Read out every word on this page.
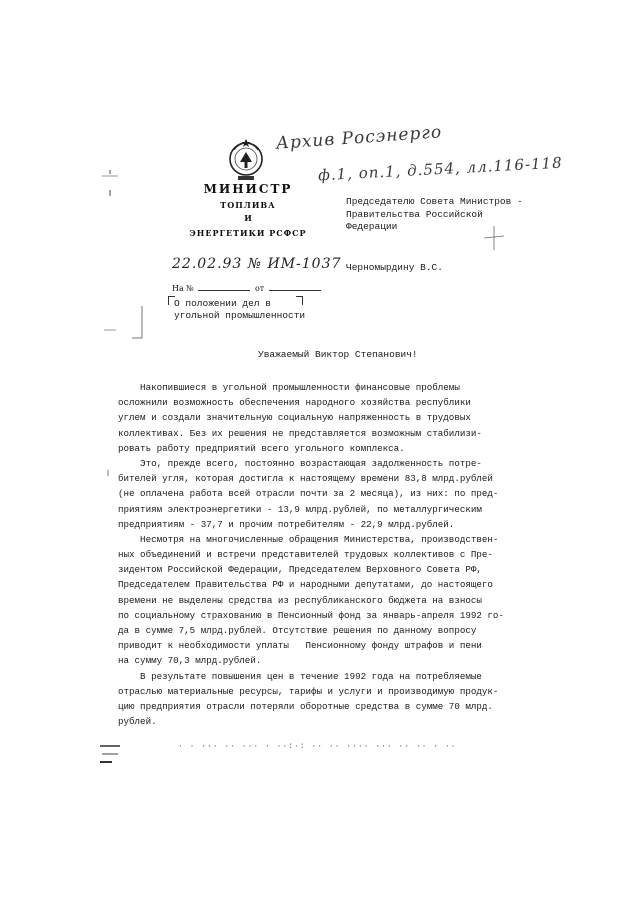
Архив Росэнерго
ф.1, оп.1, д.554, лл.116-118
МИНИСТР
ТОПЛИВА
И
ЭНЕРГЕТИКИ РСФСР
22.02.93 № ИМ-1037
На №	от
О положении дел в
угольной промышленности
Председателю Совета Министров -
Правительства Российской
Федерации
Черномырдину В.С.
Уважаемый Виктор Степанович!
Накопившиеся в угольной промышленности финансовые проблемы
осложнили возможность обеспечения народного хозяйства республики
углем и создали значительную социальную напряженность в трудовых
коллективах. Без их решения не представляется возможным стабилизи-
ровать работу предприятий всего угольного комплекса.
Это, прежде всего, постоянно возрастающая задолженность потре-
бителей угля, которая достигла к настоящему времени 83,8 млрд.рублей
(не оплачена работа всей отрасли почти за 2 месяца), из них: по пред-
приятиям электроэнергетики - 13,9 млрд.рублей, по металлургическим
предприятиям - 37,7 и прочим потребителям - 22,9 млрд.рублей.
Несмотря на многочисленные обращения Министерства, производствен-
ных объединений и встречи представителей трудовых коллективов с Пре-
зидентом Российской Федерации, Председателем Верховного Совета РФ,
Председателем Правительства РФ и народными депутатами, до настоящего
времени не выделены средства из республиканского бюджета на взносы
по социальному страхованию в Пенсионный фонд за январь-апреля 1992 го-
да в сумме 7,5 млрд.рублей. Отсутствие решения по данному вопросу
приводит к необходимости уплаты   Пенсионному фонду штрафов и пени
на сумму 70,3 млрд.рублей.
В результате повышения цен в течение 1992 года на потребляемые
отраслью материальные ресурсы, тарифы и услуги и производимую продук-
цию предприятия отрасли потеряли оборотные средства в сумме 70 млрд.
рублей.
· · ··· ·· ··· · ··:·: ·· ·· ···· ··· ·· ·· · ··
